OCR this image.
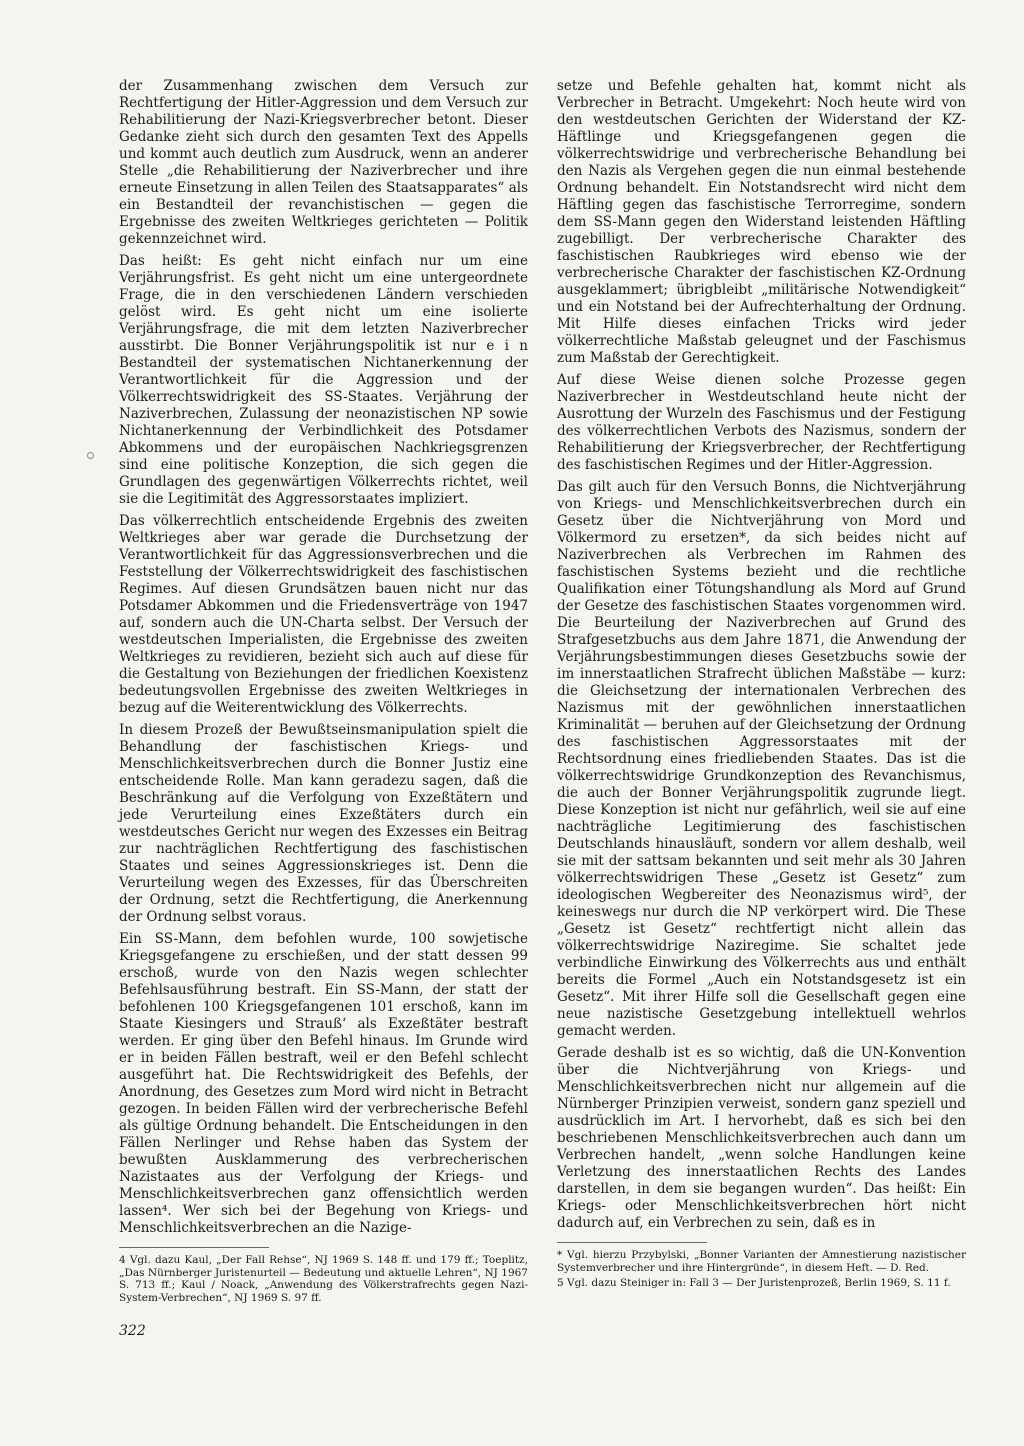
der Zusammenhang zwischen dem Versuch zur Rechtfertigung der Hitler-Aggression und dem Versuch zur Rehabilitierung der Nazi-Kriegsverbrecher betont. Dieser Gedanke zieht sich durch den gesamten Text des Appells und kommt auch deutlich zum Ausdruck, wenn an anderer Stelle „die Rehabilitierung der Naziverbrecher und ihre erneute Einsetzung in allen Teilen des Staatsapparates“ als ein Bestandteil der revanchistischen — gegen die Ergebnisse des zweiten Weltkrieges gerichteten — Politik gekennzeichnet wird.

Das heißt: Es geht nicht einfach nur um eine Verjährungsfrist. Es geht nicht um eine untergeordnete Frage, die in den verschiedenen Ländern verschieden gelöst wird. Es geht nicht um eine isolierte Verjährungsfrage, die mit dem letzten Naziverbrecher ausstirbt. Die Bonner Verjährungspolitik ist nur e i n Bestandteil der systematischen Nichtanerkennung der Verantwortlichkeit für die Aggression und der Völkerrechtswidrigkeit des SS-Staates. Verjährung der Naziverbrechen, Zulassung der neonazistischen NP sowie Nichtanerkennung der Verbindlichkeit des Potsdamer Abkommens und der europäischen Nachkriegsgrenzen sind eine politische Konzeption, die sich gegen die Grundlagen des gegenwärtigen Völkerrechts richtet, weil sie die Legitimität des Aggressorstaates impliziert.

Das völkerrechtlich entscheidende Ergebnis des zweiten Weltkrieges aber war gerade die Durchsetzung der Verantwortlichkeit für das Aggressionsverbrechen und die Feststellung der Völkerrechtswidrigkeit des faschistischen Regimes. Auf diesen Grundsätzen bauen nicht nur das Potsdamer Abkommen und die Friedensverträge von 1947 auf, sondern auch die UN-Charta selbst. Der Versuch der westdeutschen Imperialisten, die Ergebnisse des zweiten Weltkrieges zu revidieren, bezieht sich auch auf diese für die Gestaltung von Beziehungen der friedlichen Koexistenz bedeutungsvollen Ergebnisse des zweiten Weltkrieges in bezug auf die Weiterentwicklung des Völkerrechts.

In diesem Prozeß der Bewußtseinsmanipulation spielt die Behandlung der faschistischen Kriegs- und Menschlichkeitsverbrechen durch die Bonner Justiz eine entscheidende Rolle. Man kann geradezu sagen, daß die Beschränkung auf die Verfolgung von Exzeßtätern und jede Verurteilung eines Exzeßtäters durch ein westdeutsches Gericht nur wegen des Exzesses ein Beitrag zur nachträglichen Rechtfertigung des faschistischen Staates und seines Aggressionskrieges ist. Denn die Verurteilung wegen des Exzesses, für das Überschreiten der Ordnung, setzt die Rechtfertigung, die Anerkennung der Ordnung selbst voraus.

Ein SS-Mann, dem befohlen wurde, 100 sowjetische Kriegsgefangene zu erschießen, und der statt dessen 99 erschoß, wurde von den Nazis wegen schlechter Befehlsausführung bestraft. Ein SS-Mann, der statt der befohlenen 100 Kriegsgefangenen 101 erschoß, kann im Staate Kiesingers und Strauß‘ als Exzeßtäter bestraft werden. Er ging über den Befehl hinaus. Im Grunde wird er in beiden Fällen bestraft, weil er den Befehl schlecht ausgeführt hat. Die Rechtswidrigkeit des Befehls, der Anordnung, des Gesetzes zum Mord wird nicht in Betracht gezogen. In beiden Fällen wird der verbrecherische Befehl als gültige Ordnung behandelt. Die Entscheidungen in den Fällen Nerlinger und Rehse haben das System der bewußten Ausklammerung des verbrecherischen Nazistaates aus der Verfolgung der Kriegs- und Menschlichkeitsverbrechen ganz offensichtlich werden lassen⁴. Wer sich bei der Begehung von Kriegs- und Menschlichkeitsverbrechen an die Nazige-

4 Vgl. dazu Kaul, „Der Fall Rehse“, NJ 1969 S. 148 ff. und 179 ff.; Toeplitz, „Das Nürnberger Juristenurteil — Bedeutung und aktuelle Lehren“, NJ 1967 S. 713 ff.; Kaul / Noack, „Anwendung des Völkerstrafrechts gegen Nazi-System-Verbrechen“, NJ 1969 S. 97 ff.

setze und Befehle gehalten hat, kommt nicht als Verbrecher in Betracht. Umgekehrt: Noch heute wird von den westdeutschen Gerichten der Widerstand der KZ-Häftlinge und Kriegsgefangenen gegen die völkerrechtswidrige und verbrecherische Behandlung bei den Nazis als Vergehen gegen die nun einmal bestehende Ordnung behandelt. Ein Notstandsrecht wird nicht dem Häftling gegen das faschistische Terrorregime, sondern dem SS-Mann gegen den Widerstand leistenden Häftling zugebilligt. Der verbrecherische Charakter des faschistischen Raubkrieges wird ebenso wie der verbrecherische Charakter der faschistischen KZ-Ordnung ausgeklammert; übrigbleibt „militärische Notwendigkeit“ und ein Notstand bei der Aufrechterhaltung der Ordnung. Mit Hilfe dieses einfachen Tricks wird jeder völkerrechtliche Maßstab geleugnet und der Faschismus zum Maßstab der Gerechtigkeit.

Auf diese Weise dienen solche Prozesse gegen Naziverbrecher in Westdeutschland heute nicht der Ausrottung der Wurzeln des Faschismus und der Festigung des völkerrechtlichen Verbots des Nazismus, sondern der Rehabilitierung der Kriegsverbrecher, der Rechtfertigung des faschistischen Regimes und der Hitler-Aggression.

Das gilt auch für den Versuch Bonns, die Nichtverjährung von Kriegs- und Menschlichkeitsverbrechen durch ein Gesetz über die Nichtverjährung von Mord und Völkermord zu ersetzen*, da sich beides nicht auf Naziverbrechen als Verbrechen im Rahmen des faschistischen Systems bezieht und die rechtliche Qualifikation einer Tötungshandlung als Mord auf Grund der Gesetze des faschistischen Staates vorgenommen wird. Die Beurteilung der Naziverbrechen auf Grund des Strafgesetzbuchs aus dem Jahre 1871, die Anwendung der Verjährungsbestimmungen dieses Gesetzbuchs sowie der im innerstaatlichen Strafrecht üblichen Maßstäbe — kurz: die Gleichsetzung der internationalen Verbrechen des Nazismus mit der gewöhnlichen innerstaatlichen Kriminalität — beruhen auf der Gleichsetzung der Ordnung des faschistischen Aggressorstaates mit der Rechtsordnung eines friedliebenden Staates. Das ist die völkerrechtswidrige Grundkonzeption des Revanchismus, die auch der Bonner Verjährungspolitik zugrunde liegt. Diese Konzeption ist nicht nur gefährlich, weil sie auf eine nachträgliche Legitimierung des faschistischen Deutschlands hinausläuft, sondern vor allem deshalb, weil sie mit der sattsam bekannten und seit mehr als 30 Jahren völkerrechtswidrigen These „Gesetz ist Gesetz“ zum ideologischen Wegbereiter des Neonazismus wird⁵, der keineswegs nur durch die NP verkörpert wird. Die These „Gesetz ist Gesetz“ rechtfertigt nicht allein das völkerrechtswidrige Naziregime. Sie schaltet jede verbindliche Einwirkung des Völkerrechts aus und enthält bereits die Formel „Auch ein Notstandsgesetz ist ein Gesetz“. Mit ihrer Hilfe soll die Gesellschaft gegen eine neue nazistische Gesetzgebung intellektuell wehrlos gemacht werden.

Gerade deshalb ist es so wichtig, daß die UN-Konvention über die Nichtverjährung von Kriegs- und Menschlichkeitsverbrechen nicht nur allgemein auf die Nürnberger Prinzipien verweist, sondern ganz speziell und ausdrücklich im Art. I hervorhebt, daß es sich bei den beschriebenen Menschlichkeitsverbrechen auch dann um Verbrechen handelt, „wenn solche Handlungen keine Verletzung des innerstaatlichen Rechts des Landes darstellen, in dem sie begangen wurden“. Das heißt: Ein Kriegs- oder Menschlichkeitsverbrechen hört nicht dadurch auf, ein Verbrechen zu sein, daß es in

* Vgl. hierzu Przybylski, „Bonner Varianten der Amnestierung nazistischer Systemverbrecher und ihre Hintergründe“, in diesem Heft. — D. Red.

5 Vgl. dazu Steiniger in: Fall 3 — Der Juristenprozeß, Berlin 1969, S. 11 f.

322
